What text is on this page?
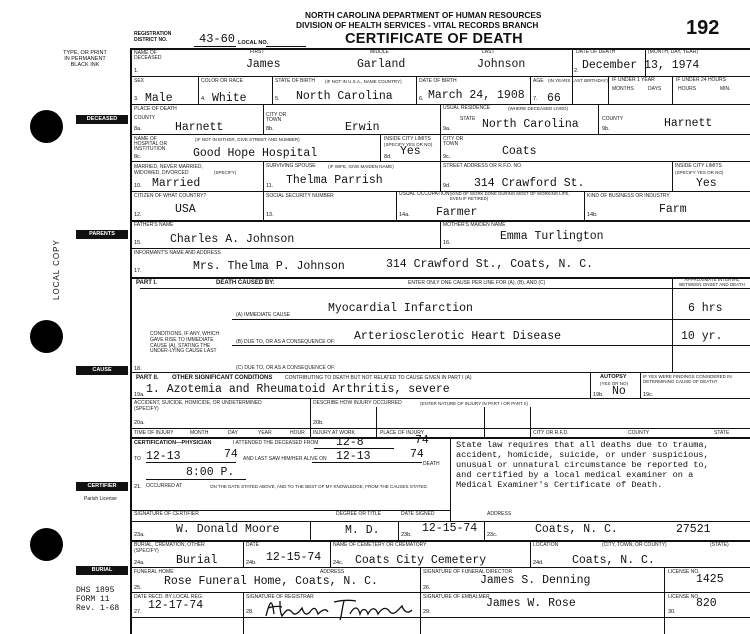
NORTH CAROLINA DEPARTMENT OF HUMAN RESOURCES
DIVISION OF HEALTH SERVICES - VITAL RECORDS BRANCH
CERTIFICATE OF DEATH
REGISTRATION DISTRICT NO.	43-60 LOCAL NO.
192
TYPE, OR PRINT IN PERMANENT BLACK INK
DECEASED
PARENTS
CAUSE
CERTIFIER
Parish License
BURIAL
LOCAL COPY
DHS 1895
FORM 11
Rev. 1-68
NAME OF DECEASED
FIRST	MIDDLE	LAST
James	Garland	Johnson
1.
DATE OF DEATH	(MONTH, DAY, YEAR)
2. December 13, 1974
SEX
3. Male
COLOR OR RACE
4. White
STATE OF BIRTH (IF NOT IN U.S.A., NAME COUNTRY)
5. North Carolina
DATE OF BIRTH
6. March 24, 1908
AGE (IN YEARS LAST BIRTHDAY)
7. 66
IF UNDER 1 YEAR
MONTHS	DAYS
IF UNDER 24 HOURS
HOURS	MIN.
PLACE OF DEATH
COUNTY
8a.	Harnett
CITY OR TOWN
8b.	Erwin
USUAL RESIDENCE	(WHERE DECEASED LIVED)
STATE
9a.	North Carolina	COUNTY
9b.	Harnett
NAME OF HOSPITAL OR INSTITUTION
(IF NOT IN EITHER, GIVE STREET AND NUMBER)
8c.	Good Hope Hospital
INSIDE CITY LIMITS
(SPECIFY YES OR NO)
8d. Yes
CITY OR TOWN
9c.	Coats
MARRIED, NEVER MARRIED, WIDOWED, DIVORCED	(SPECIFY)
10. Married
SURVIVING SPOUSE	(IF WIFE, GIVE MAIDEN NAME)
11. Thelma Parrish
STREET ADDRESS OR R.F.D. NO.
9d. 314 Crawford St.
INSIDE CITY LIMITS
(SPECIFY YES OR NO)
Yes
CITIZEN OF WHAT COUNTRY?
12.	USA
SOCIAL SECURITY NUMBER
13.
USUAL OCCUPATION (KIND OF WORK DONE DURING MOST OF WORKING LIFE, EVEN IF RETIRED)
14a. Farmer
KIND OF BUSINESS OR INDUSTRY
14b.	Farm
FATHER'S NAME
15. Charles A. Johnson
MOTHER'S MAIDEN NAME
16.	Emma Turlington
INFORMANT'S NAME AND ADDRESS
17.	Mrs. Thelma P. Johnson	314 Crawford St., Coats, N. C.
PART I.	DEATH CAUSED BY:	ENTER ONLY ONE CAUSE PER LINE FOR (A), (B), AND (C)
APPROXIMATE INTERVAL BETWEEN ONSET AND DEATH
(A) IMMEDIATE CAUSE	Myocardial Infarction	6 hrs
CONDITIONS, IF ANY, WHICH GAVE RISE TO IMMEDIATE CAUSE (A), STATING THE UNDER-LYING CAUSE LAST
(B) DUE TO, OR AS A CONSEQUENCE OF: Arteriosclerotic Heart Disease	10 yr.
(C) DUE TO, OR AS A CONSEQUENCE OF:
18.
PART II. OTHER SIGNIFICANT CONDITIONS	CONTRIBUTING TO DEATH BUT NOT RELATED TO CAUSE GIVEN IN PART I (A)
19a. 1. Azotemia and Rheumatoid Arthritis, severe
AUTOPSY
(YES OR NO)
19b. No
IF YES WERE FINDINGS CONSIDERED IN DETERMINING CAUSE OF DEATH?
19c.
ACCIDENT, SUICIDE, HOMICIDE, OR UNDETERMINED
(SPECIFY)
20a.
DESCRIBE HOW INJURY OCCURRED	(ENTER NATURE OF INJURY IN PART I OR PART II)
20b.
TIME OF INJURY	MONTH	DAY	YEAR	HOUR INJURY AT WORK	PLACE OF INJURY	CITY OR R.F.D.	COUNTY	STATE
CERTIFICATION—PHYSICIAN	I ATTENDED THE DECEASED FROM 12-8	74
TO 12-13	74 AND LAST SAW HIM/HER ALIVE ON 12-13	74
DEATH
8:00 P.
21. OCCURRED AT	ON THE DATE STATED ABOVE, AND TO THE BEST OF MY KNOWLEDGE, FROM THE CAUSES STATED.
State law requires that all deaths due to trauma,
accident, homicide, suicide, or under suspicious,
unusual or unnatural circumstance be reported to,
and certified by a local medical examiner on a
Medical Examiner's Certificate of Death.
SIGNATURE OF CERTIFIER	DEGREE OR TITLE	DATE SIGNED	ADDRESS
23a.	W. Donald Moore	M. D.	23b. 12-15-74 23c.	Coats, N. C.	27521
BURIAL, CREMATION, OTHER
(SPECIFY)
24a.	Burial
DATE
24b. 12-15-74
NAME OF CEMETERY OR CREMATORY
24c. Coats City Cemetery
LOCATION	(CITY, TOWN, OR COUNTY)	(STATE)
24d. Coats, N. C.
FUNERAL HOME	ADDRESS
25. Rose Funeral Home, Coats, N. C.
SIGNATURE OF FUNERAL DIRECTOR
26.
James S. Denning
LICENSE NO.
1425
DATE RECD. BY LOCAL REG.
27. 12-17-74
SIGNATURE OF REGISTRAR
28.
SIGNATURE OF EMBALMER
29.
James W. Rose	LICENSE NO.
30.
820
